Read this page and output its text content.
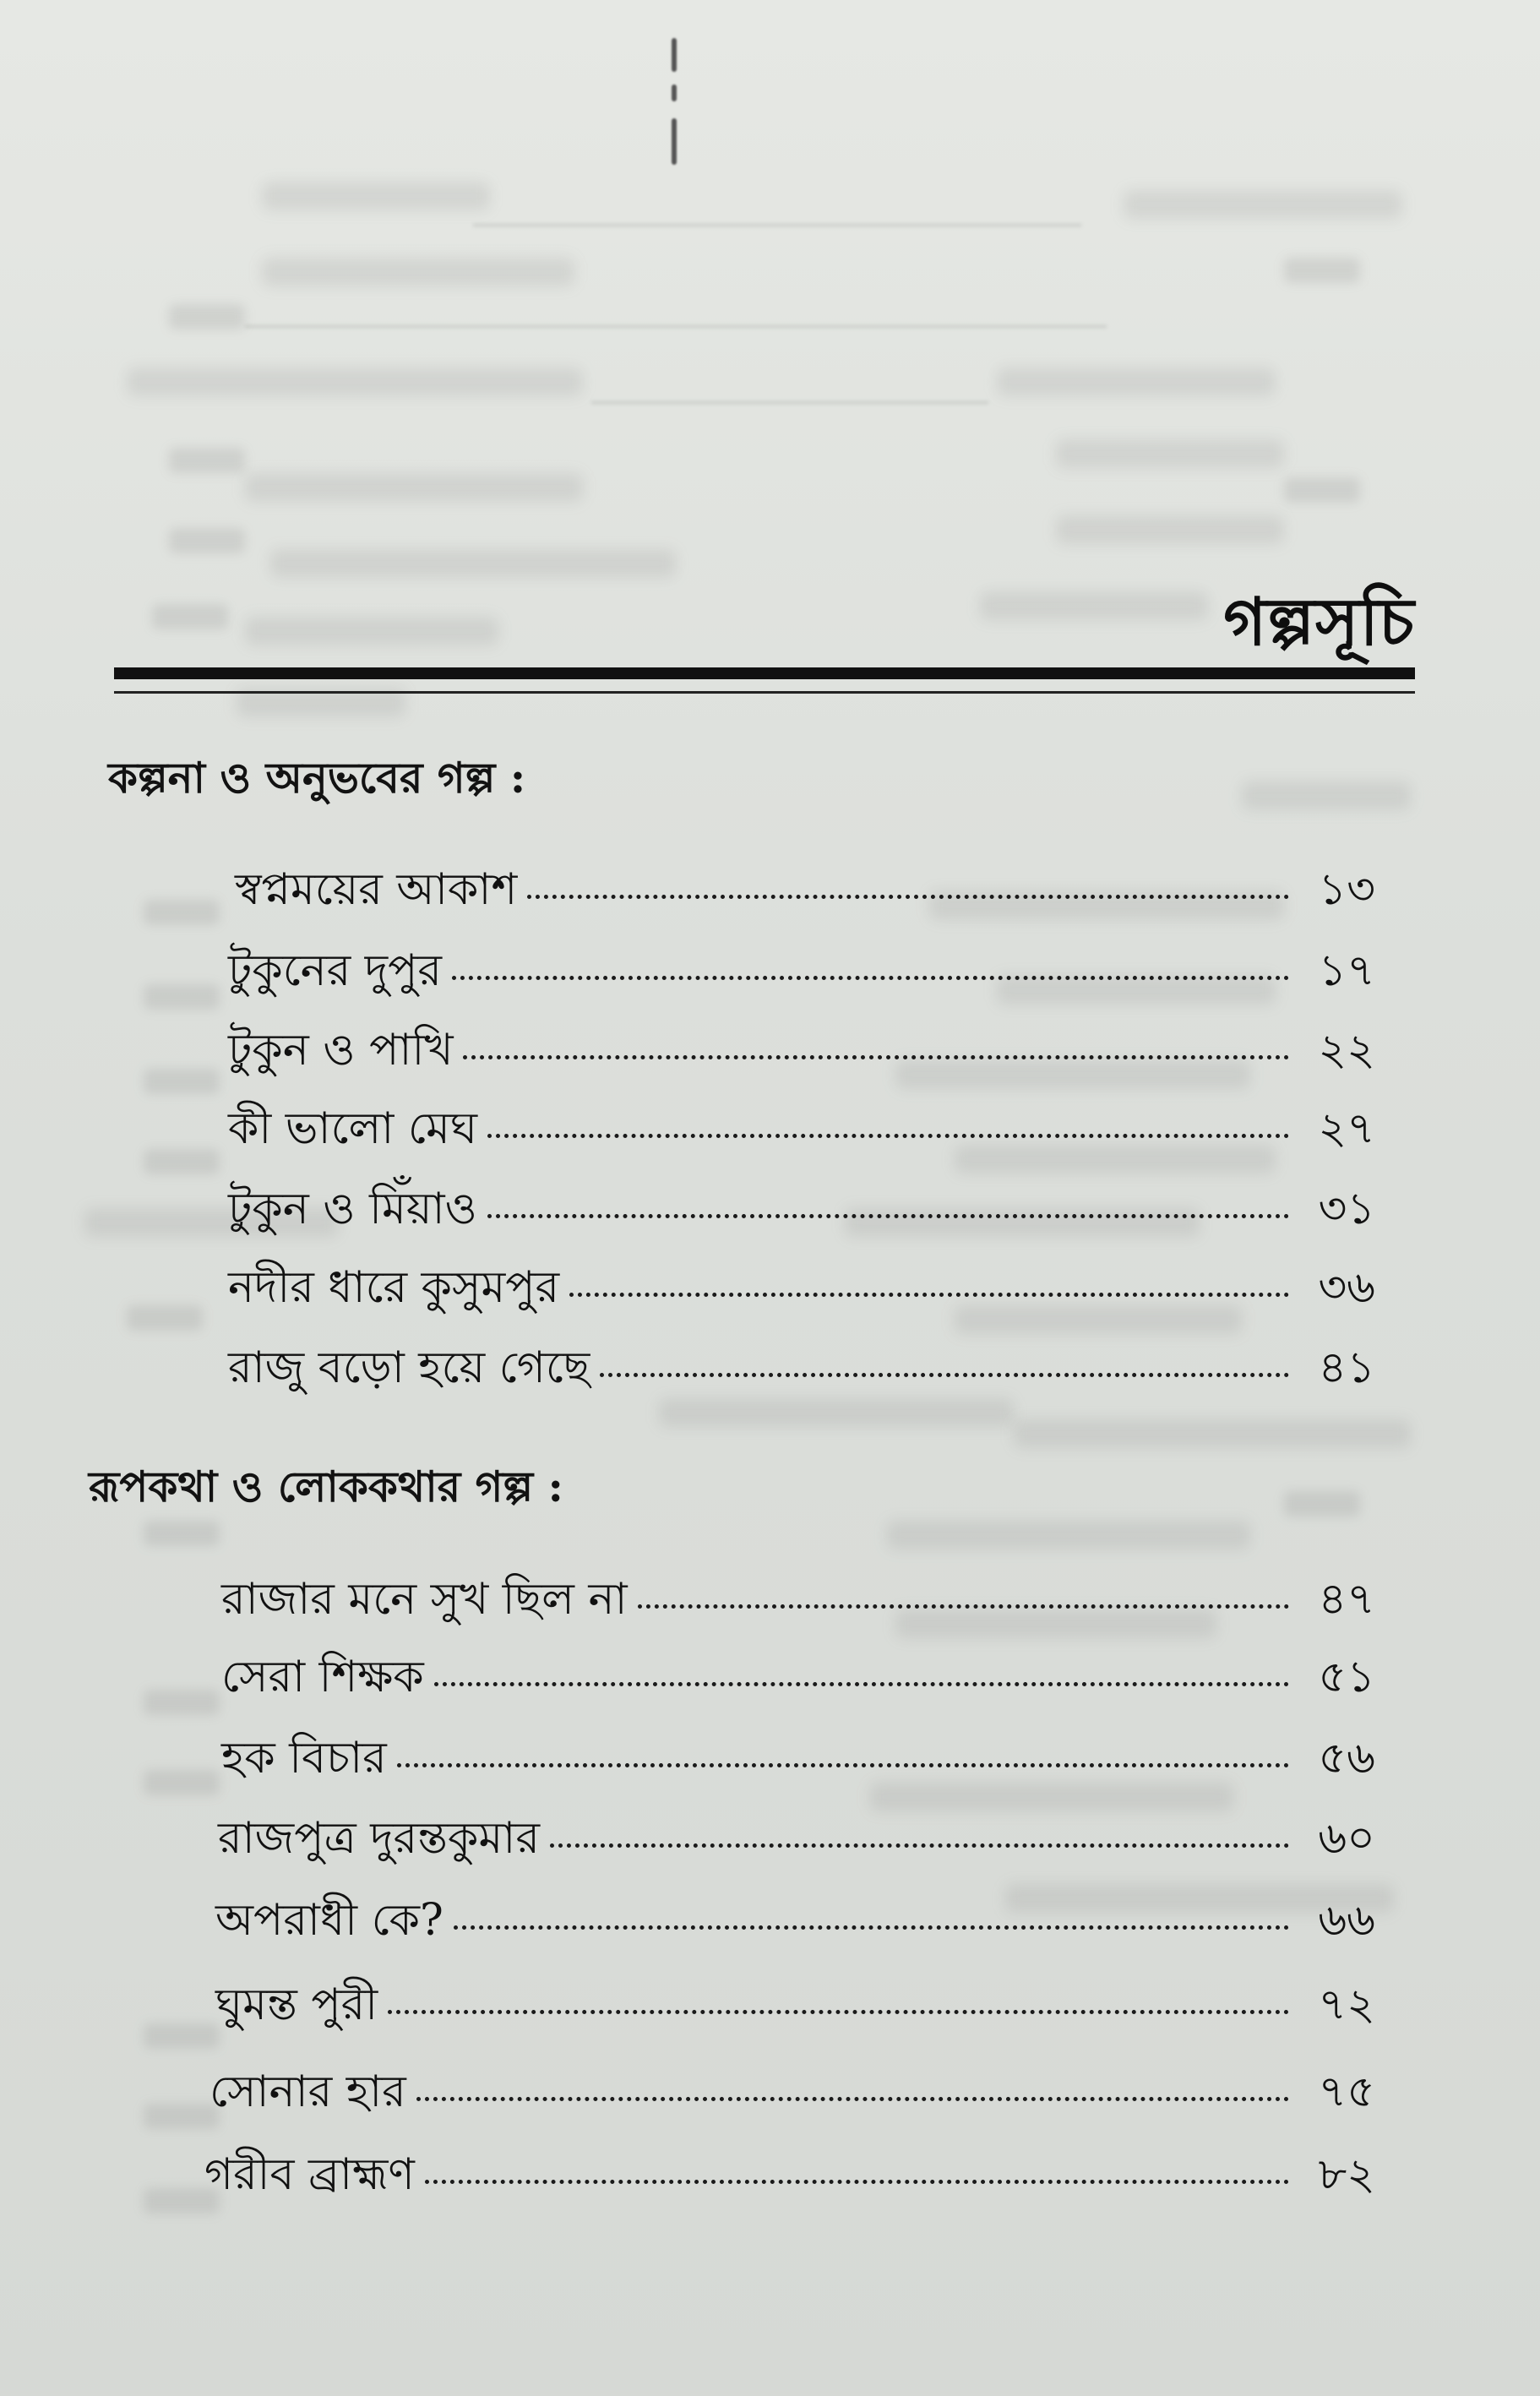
গল্পসূচি
কল্পনা ও অনুভবের গল্প :
স্বপ্নময়ের আকাশ	১৩
টুকুনের দুপুর	১৭
টুকুন ও পাখি	২২
কী ভালো মেঘ	২৭
টুকুন ও মিঁয়াও	৩১
নদীর ধারে কুসুমপুর	৩৬
রাজু বড়ো হয়ে গেছে	৪১
রূপকথা ও লোককথার গল্প :
রাজার মনে সুখ ছিল না	৪৭
সেরা শিক্ষক	৫১
হক বিচার	৫৬
রাজপুত্র দুরন্তকুমার	৬০
অপরাধী কে?	৬৬
ঘুমন্ত পুরী	৭২
সোনার হার	৭৫
গরীব ব্রাহ্মণ	৮২
